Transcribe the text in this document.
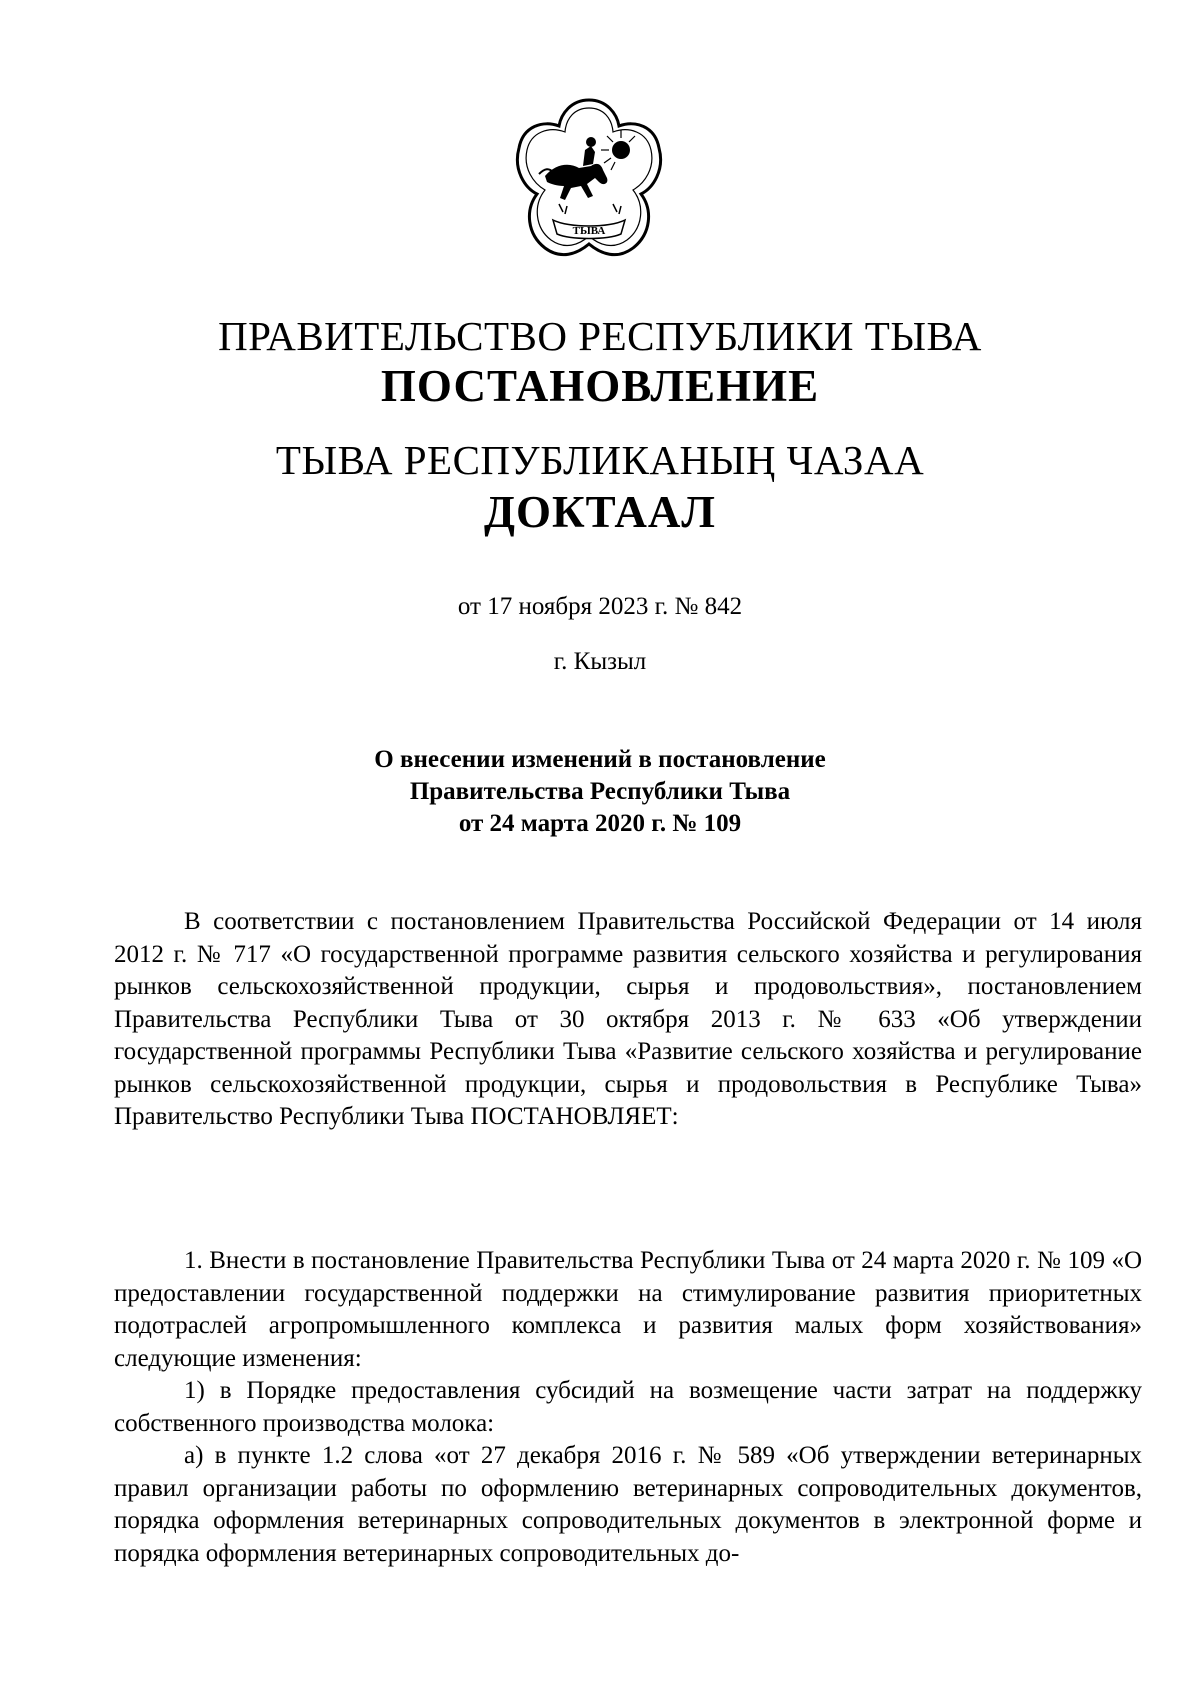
ТЫВА
ПРАВИТЕЛЬСТВО РЕСПУБЛИКИ ТЫВА
ПОСТАНОВЛЕНИЕ
ТЫВА РЕСПУБЛИКАНЫҢ ЧАЗАА
ДОКТААЛ
от 17 ноября 2023 г. № 842
г. Кызыл
О внесении изменений в постановление
Правительства Республики Тыва
от 24 марта 2020 г. № 109

В соответствии с постановлением Правительства Российской Федерации от 14 июля 2012 г. № 717 «О государственной программе развития сельского хозяйства и регулирования рынков сельскохозяйственной продукции, сырья и продовольствия», постановлением Правительства Республики Тыва от 30 октября 2013 г. № 633 «Об утверждении государственной программы Республики Тыва «Развитие сельского хозяйства и регулирование рынков сельскохозяйственной продукции, сырья и продовольствия в Республике Тыва» Правительство Республики Тыва ПОСТАНОВЛЯЕТ:

1. Внести в постановление Правительства Республики Тыва от 24 марта 2020 г. № 109 «О предоставлении государственной поддержки на стимулирование развития приоритетных подотраслей агропромышленного комплекса и развития малых форм хозяйствования» следующие изменения:

1) в Порядке предоставления субсидий на возмещение части затрат на поддержку собственного производства молока:

а) в пункте 1.2 слова «от 27 декабря 2016 г. № 589 «Об утверждении ветеринарных правил организации работы по оформлению ветеринарных сопроводительных документов, порядка оформления ветеринарных сопроводительных документов в электронной форме и порядка оформления ветеринарных сопроводительных до-
